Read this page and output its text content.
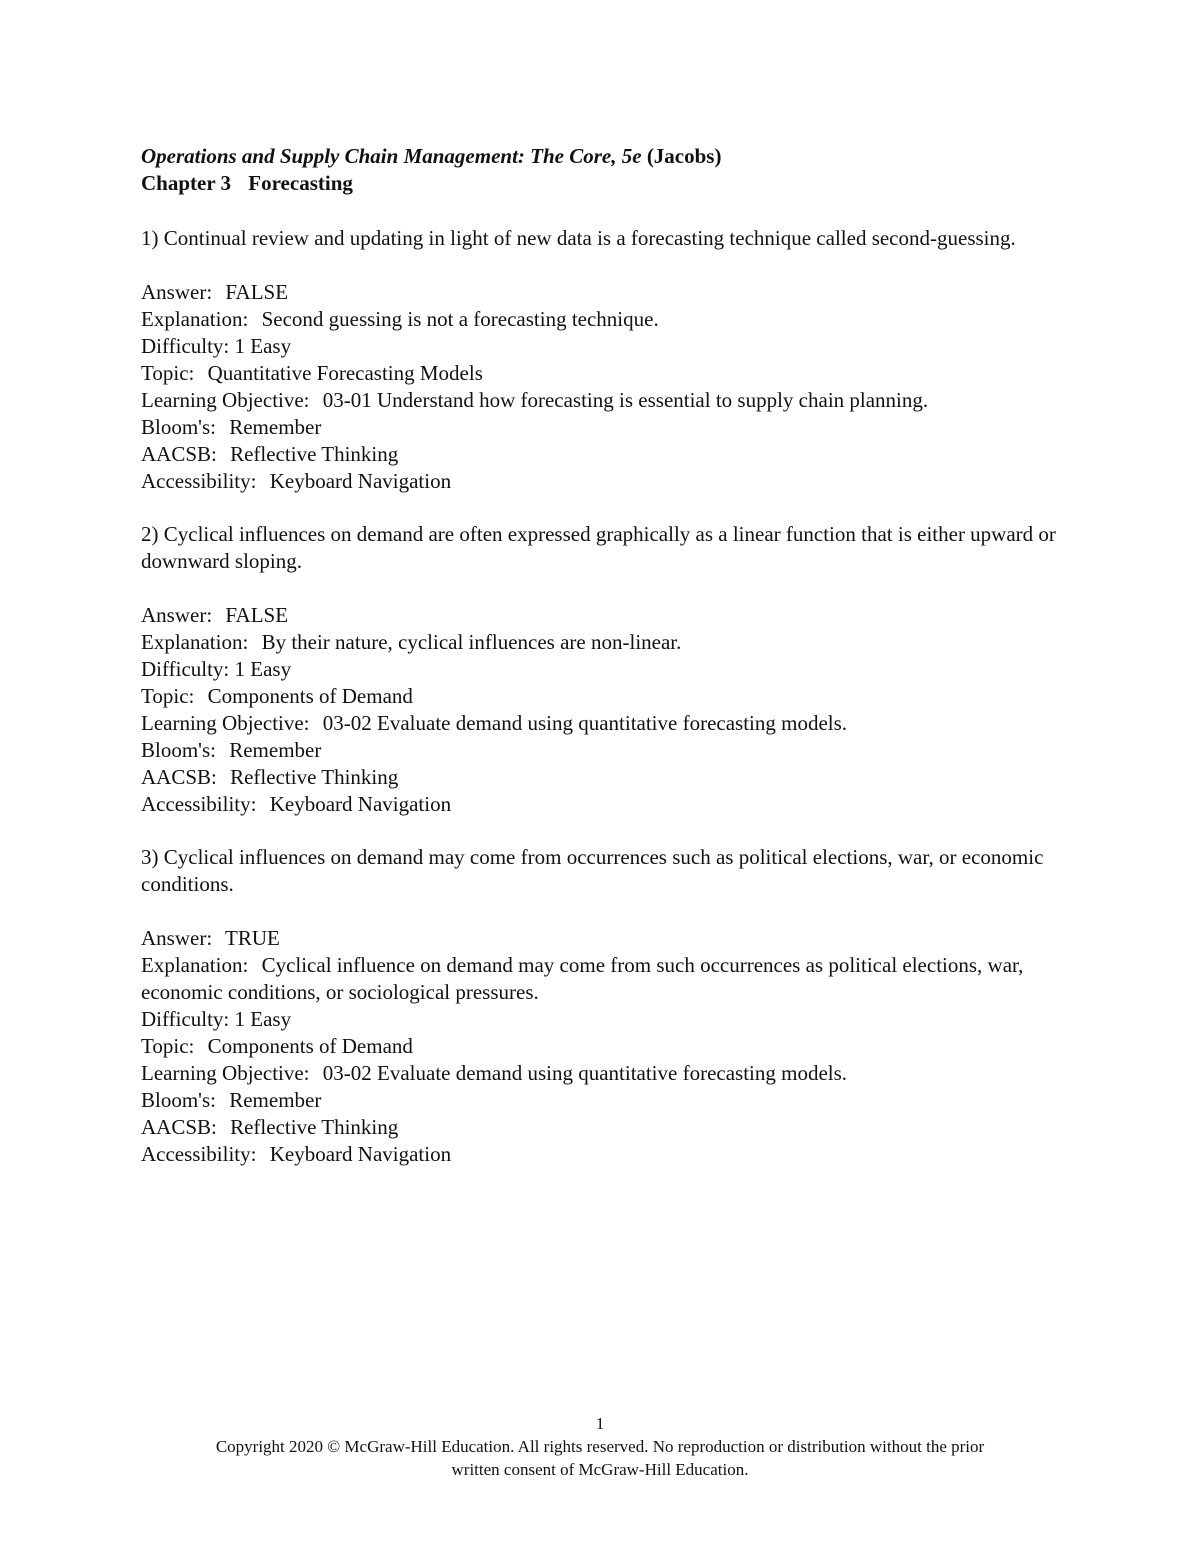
Operations and Supply Chain Management: The Core, 5e (Jacobs)

Chapter 3 Forecasting

1) Continual review and updating in light of new data is a forecasting technique called second-guessing.

Answer: FALSE

Explanation: Second guessing is not a forecasting technique.

Difficulty: 1 Easy

Topic: Quantitative Forecasting Models

Learning Objective: 03-01 Understand how forecasting is essential to supply chain planning.

Bloom's: Remember

AACSB: Reflective Thinking

Accessibility: Keyboard Navigation

2) Cyclical influences on demand are often expressed graphically as a linear function that is either upward or downward sloping.

Answer: FALSE

Explanation: By their nature, cyclical influences are non-linear.

Difficulty: 1 Easy

Topic: Components of Demand

Learning Objective: 03-02 Evaluate demand using quantitative forecasting models.

Bloom's: Remember

AACSB: Reflective Thinking

Accessibility: Keyboard Navigation

3) Cyclical influences on demand may come from occurrences such as political elections, war, or economic conditions.

Answer: TRUE

Explanation: Cyclical influence on demand may come from such occurrences as political elections, war, economic conditions, or sociological pressures.

Difficulty: 1 Easy

Topic: Components of Demand

Learning Objective: 03-02 Evaluate demand using quantitative forecasting models.

Bloom's: Remember

AACSB: Reflective Thinking

Accessibility: Keyboard Navigation

1
Copyright 2020 © McGraw-Hill Education. All rights reserved. No reproduction or distribution without the prior
written consent of McGraw-Hill Education.
